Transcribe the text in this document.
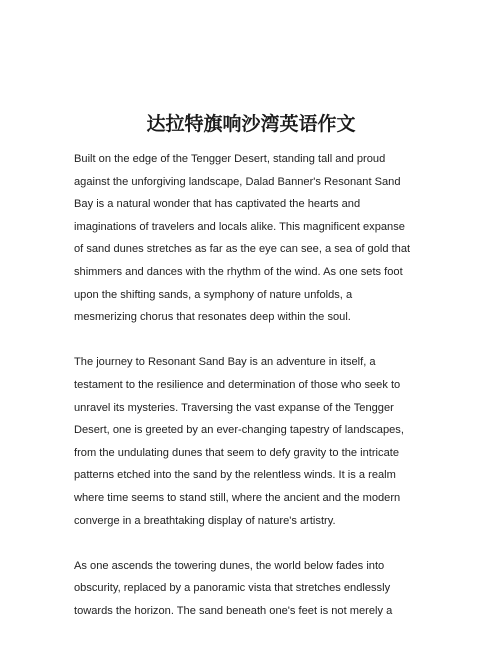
达拉特旗响沙湾英语作文

Built on the edge of the Tengger Desert, standing tall and proud
against the unforgiving landscape, Dalad Banner's Resonant Sand
Bay is a natural wonder that has captivated the hearts and
imaginations of travelers and locals alike. This magnificent expanse
of sand dunes stretches as far as the eye can see, a sea of gold that
shimmers and dances with the rhythm of the wind. As one sets foot
upon the shifting sands, a symphony of nature unfolds, a
mesmerizing chorus that resonates deep within the soul.

The journey to Resonant Sand Bay is an adventure in itself, a
testament to the resilience and determination of those who seek to
unravel its mysteries. Traversing the vast expanse of the Tengger
Desert, one is greeted by an ever-changing tapestry of landscapes,
from the undulating dunes that seem to defy gravity to the intricate
patterns etched into the sand by the relentless winds. It is a realm
where time seems to stand still, where the ancient and the modern
converge in a breathtaking display of nature's artistry.

As one ascends the towering dunes, the world below fades into
obscurity, replaced by a panoramic vista that stretches endlessly
towards the horizon. The sand beneath one's feet is not merely a
